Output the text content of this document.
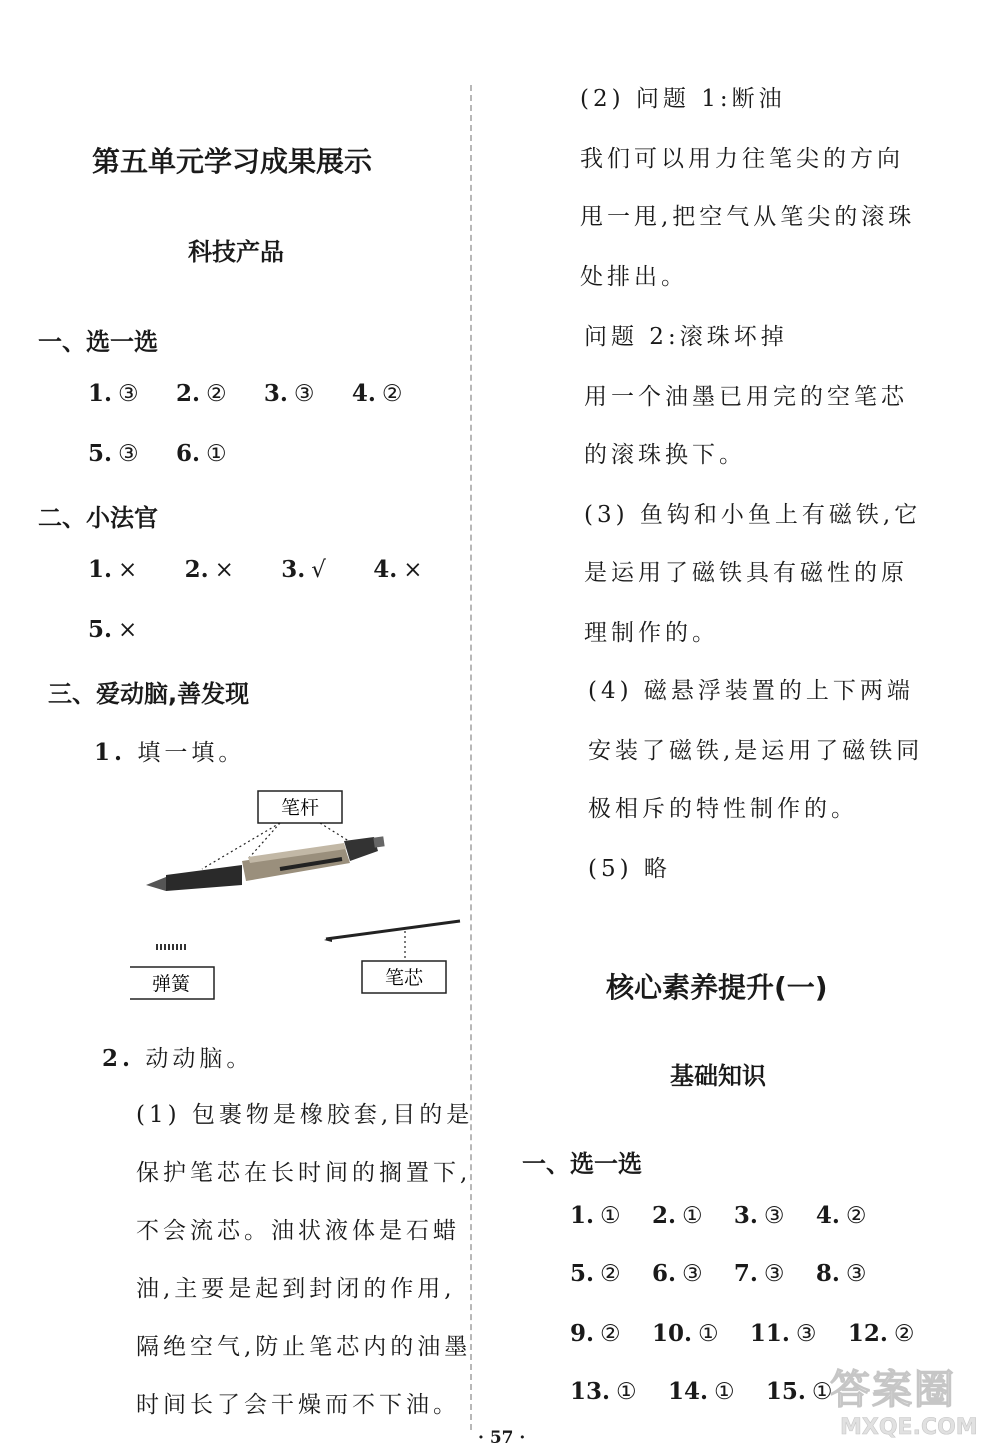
第五单元学习成果展示
科技产品
一、选一选
1. ③ 2. ② 3. ③ 4. ②
5. ③ 6. ①
二、小法官
1. × 2. × 3. √ 4. ×
5. ×
三、爱动脑,善发现
1. 填一填。
笔杆
弹簧	笔芯
2. 动动脑。
(1) 包裹物是橡胶套,目的是
保护笔芯在长时间的搁置下,
不会流芯。油状液体是石蜡
油,主要是起到封闭的作用,
隔绝空气,防止笔芯内的油墨
时间长了会干燥而不下油。
(2) 问题 1:断油
我们可以用力往笔尖的方向
甩一甩,把空气从笔尖的滚珠
处排出。
问题 2:滚珠坏掉
用一个油墨已用完的空笔芯
的滚珠换下。
(3) 鱼钩和小鱼上有磁铁,它
是运用了磁铁具有磁性的原
理制作的。
(4) 磁悬浮装置的上下两端
安装了磁铁,是运用了磁铁同
极相斥的特性制作的。
(5) 略
核心素养提升(一)
基础知识
一、选一选
1. ① 2. ① 3. ③ 4. ②
5. ② 6. ③ 7. ③ 8. ③
9. ② 10. ① 11. ③ 12. ②
13. ① 14. ① 15. ①
答案圈
MXQE.COM
· 57 ·
